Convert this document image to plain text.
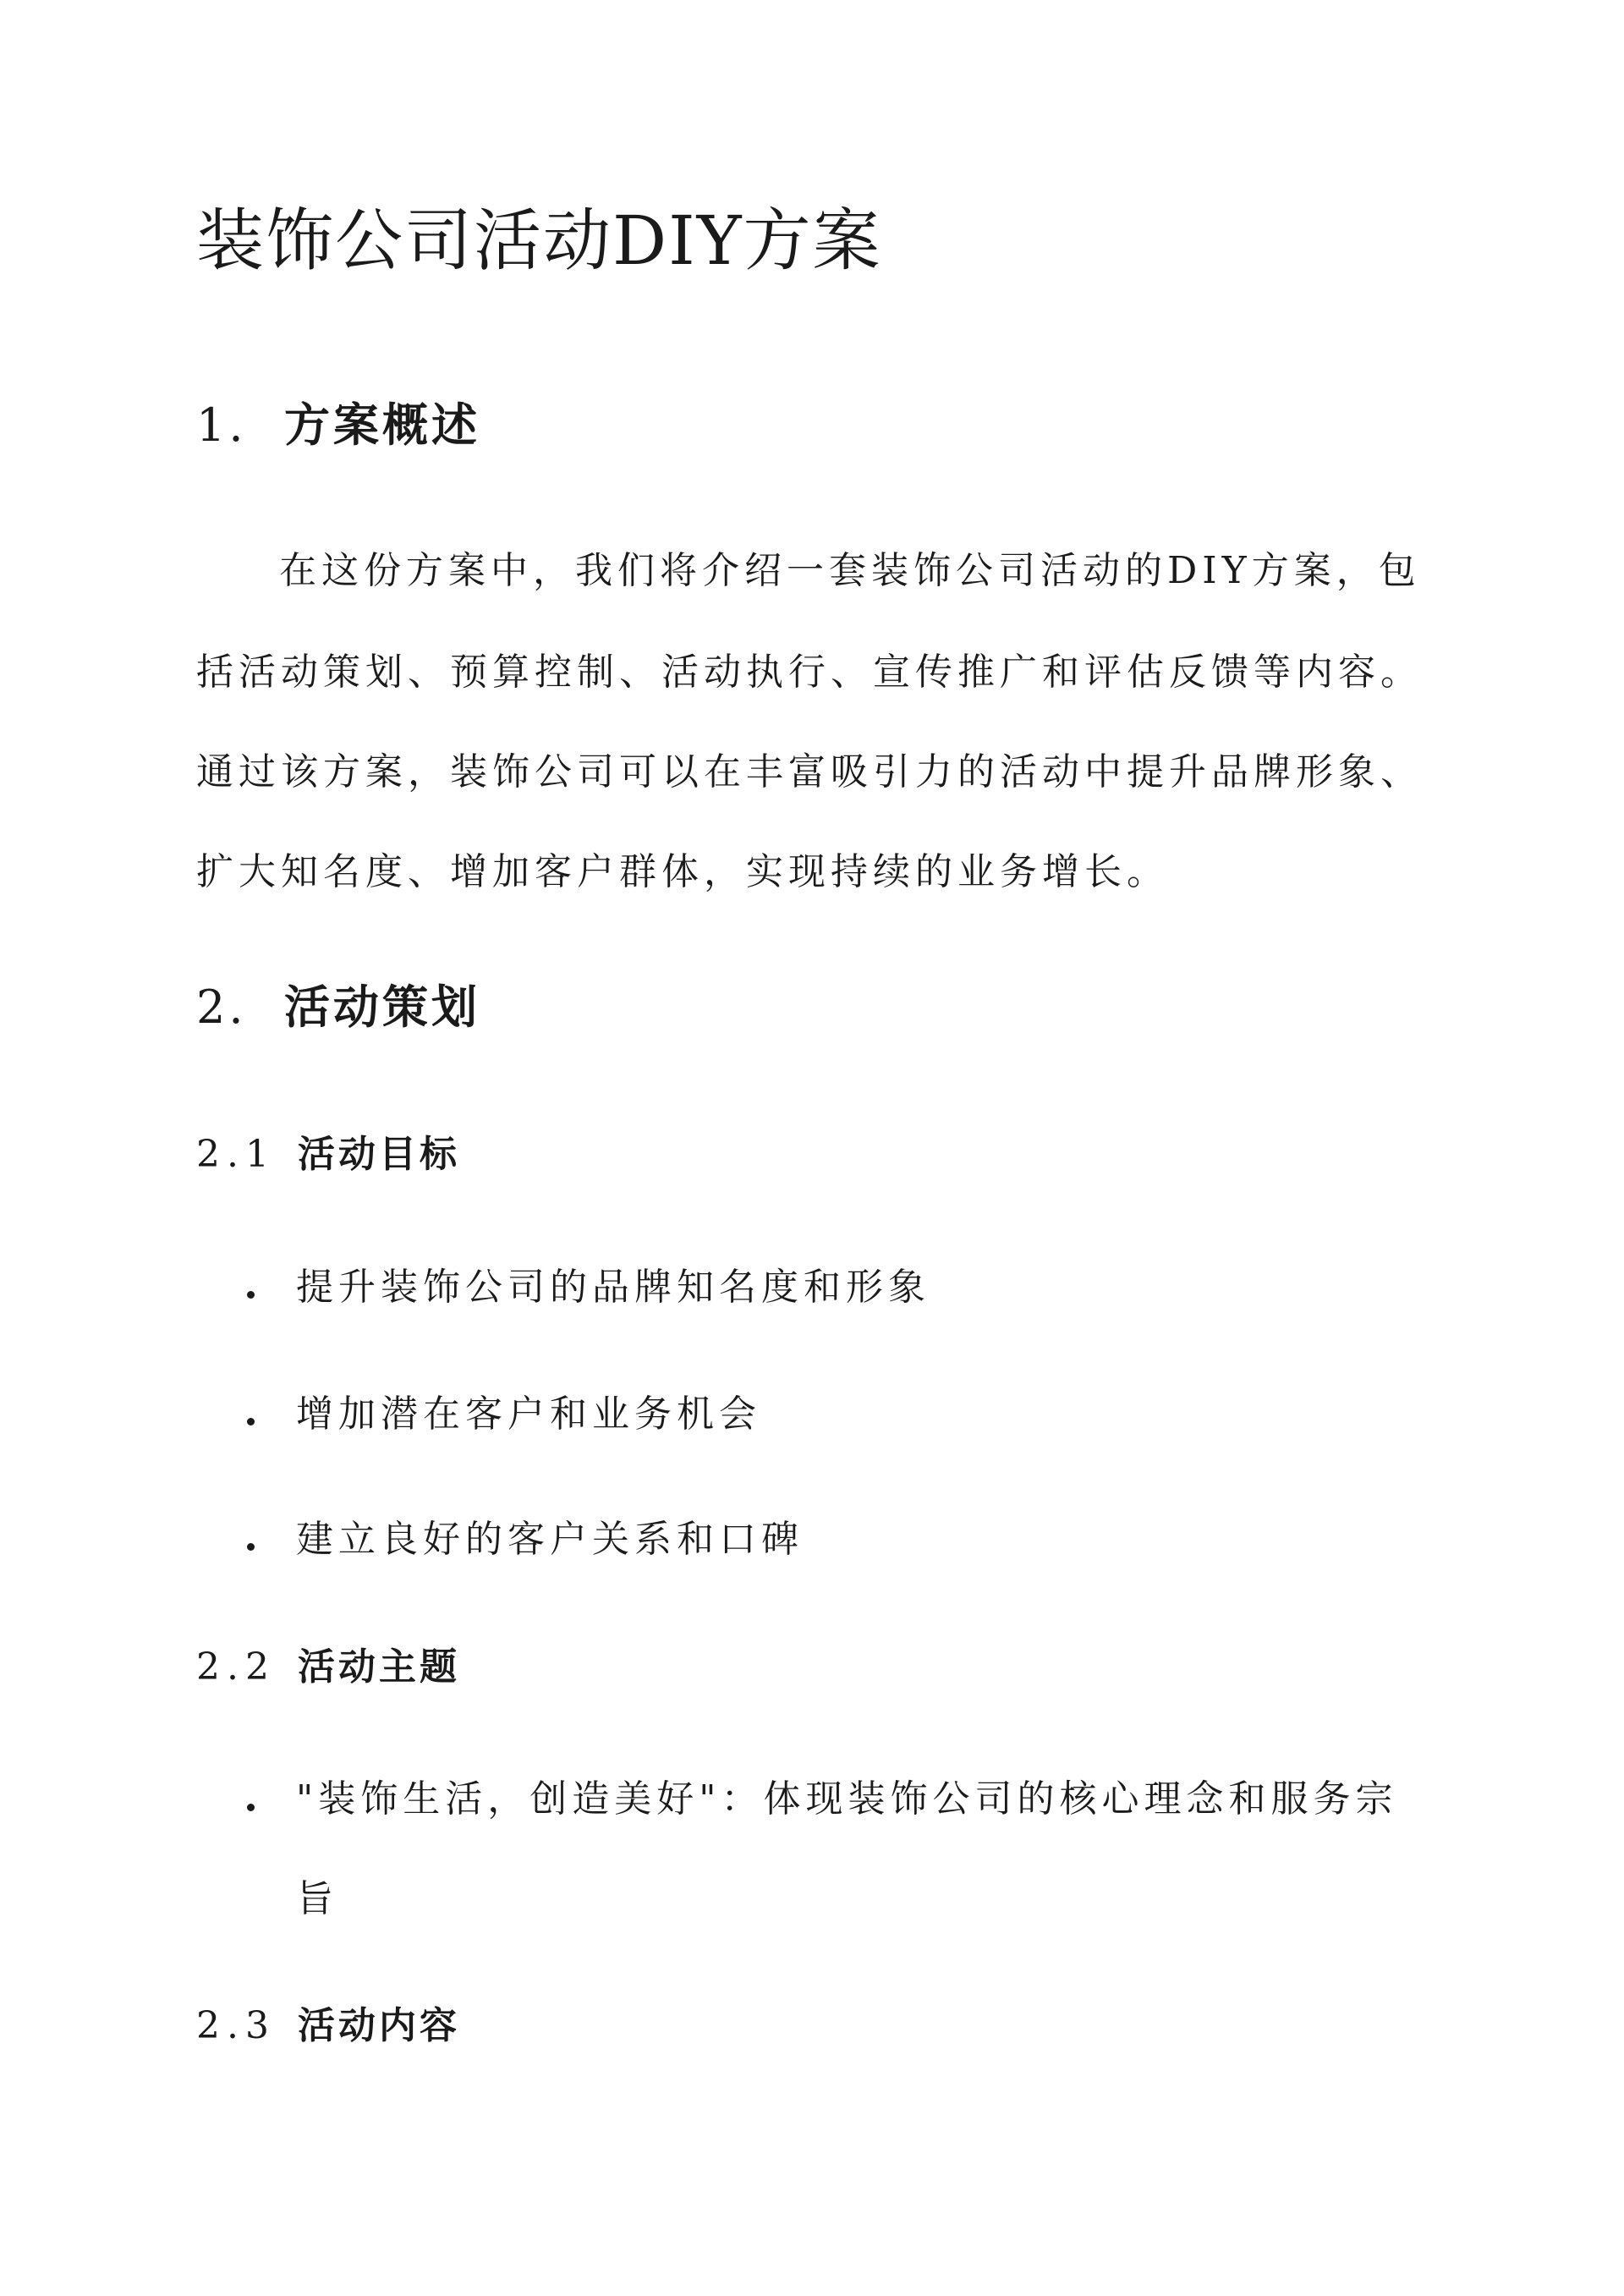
装饰公司活动DIY方案
1. 方案概述

在这份方案中，我们将介绍一套装饰公司活动的DIY方案，包

括活动策划、预算控制、活动执行、宣传推广和评估反馈等内容。

通过该方案，装饰公司可以在丰富吸引力的活动中提升品牌形象、

扩大知名度、增加客户群体，实现持续的业务增长。

2. 活动策划
2.1 活动目标

提升装饰公司的品牌知名度和形象

增加潜在客户和业务机会

建立良好的客户关系和口碑

2.2 活动主题

"装饰生活，创造美好"：体现装饰公司的核心理念和服务宗

旨

2.3 活动内容
